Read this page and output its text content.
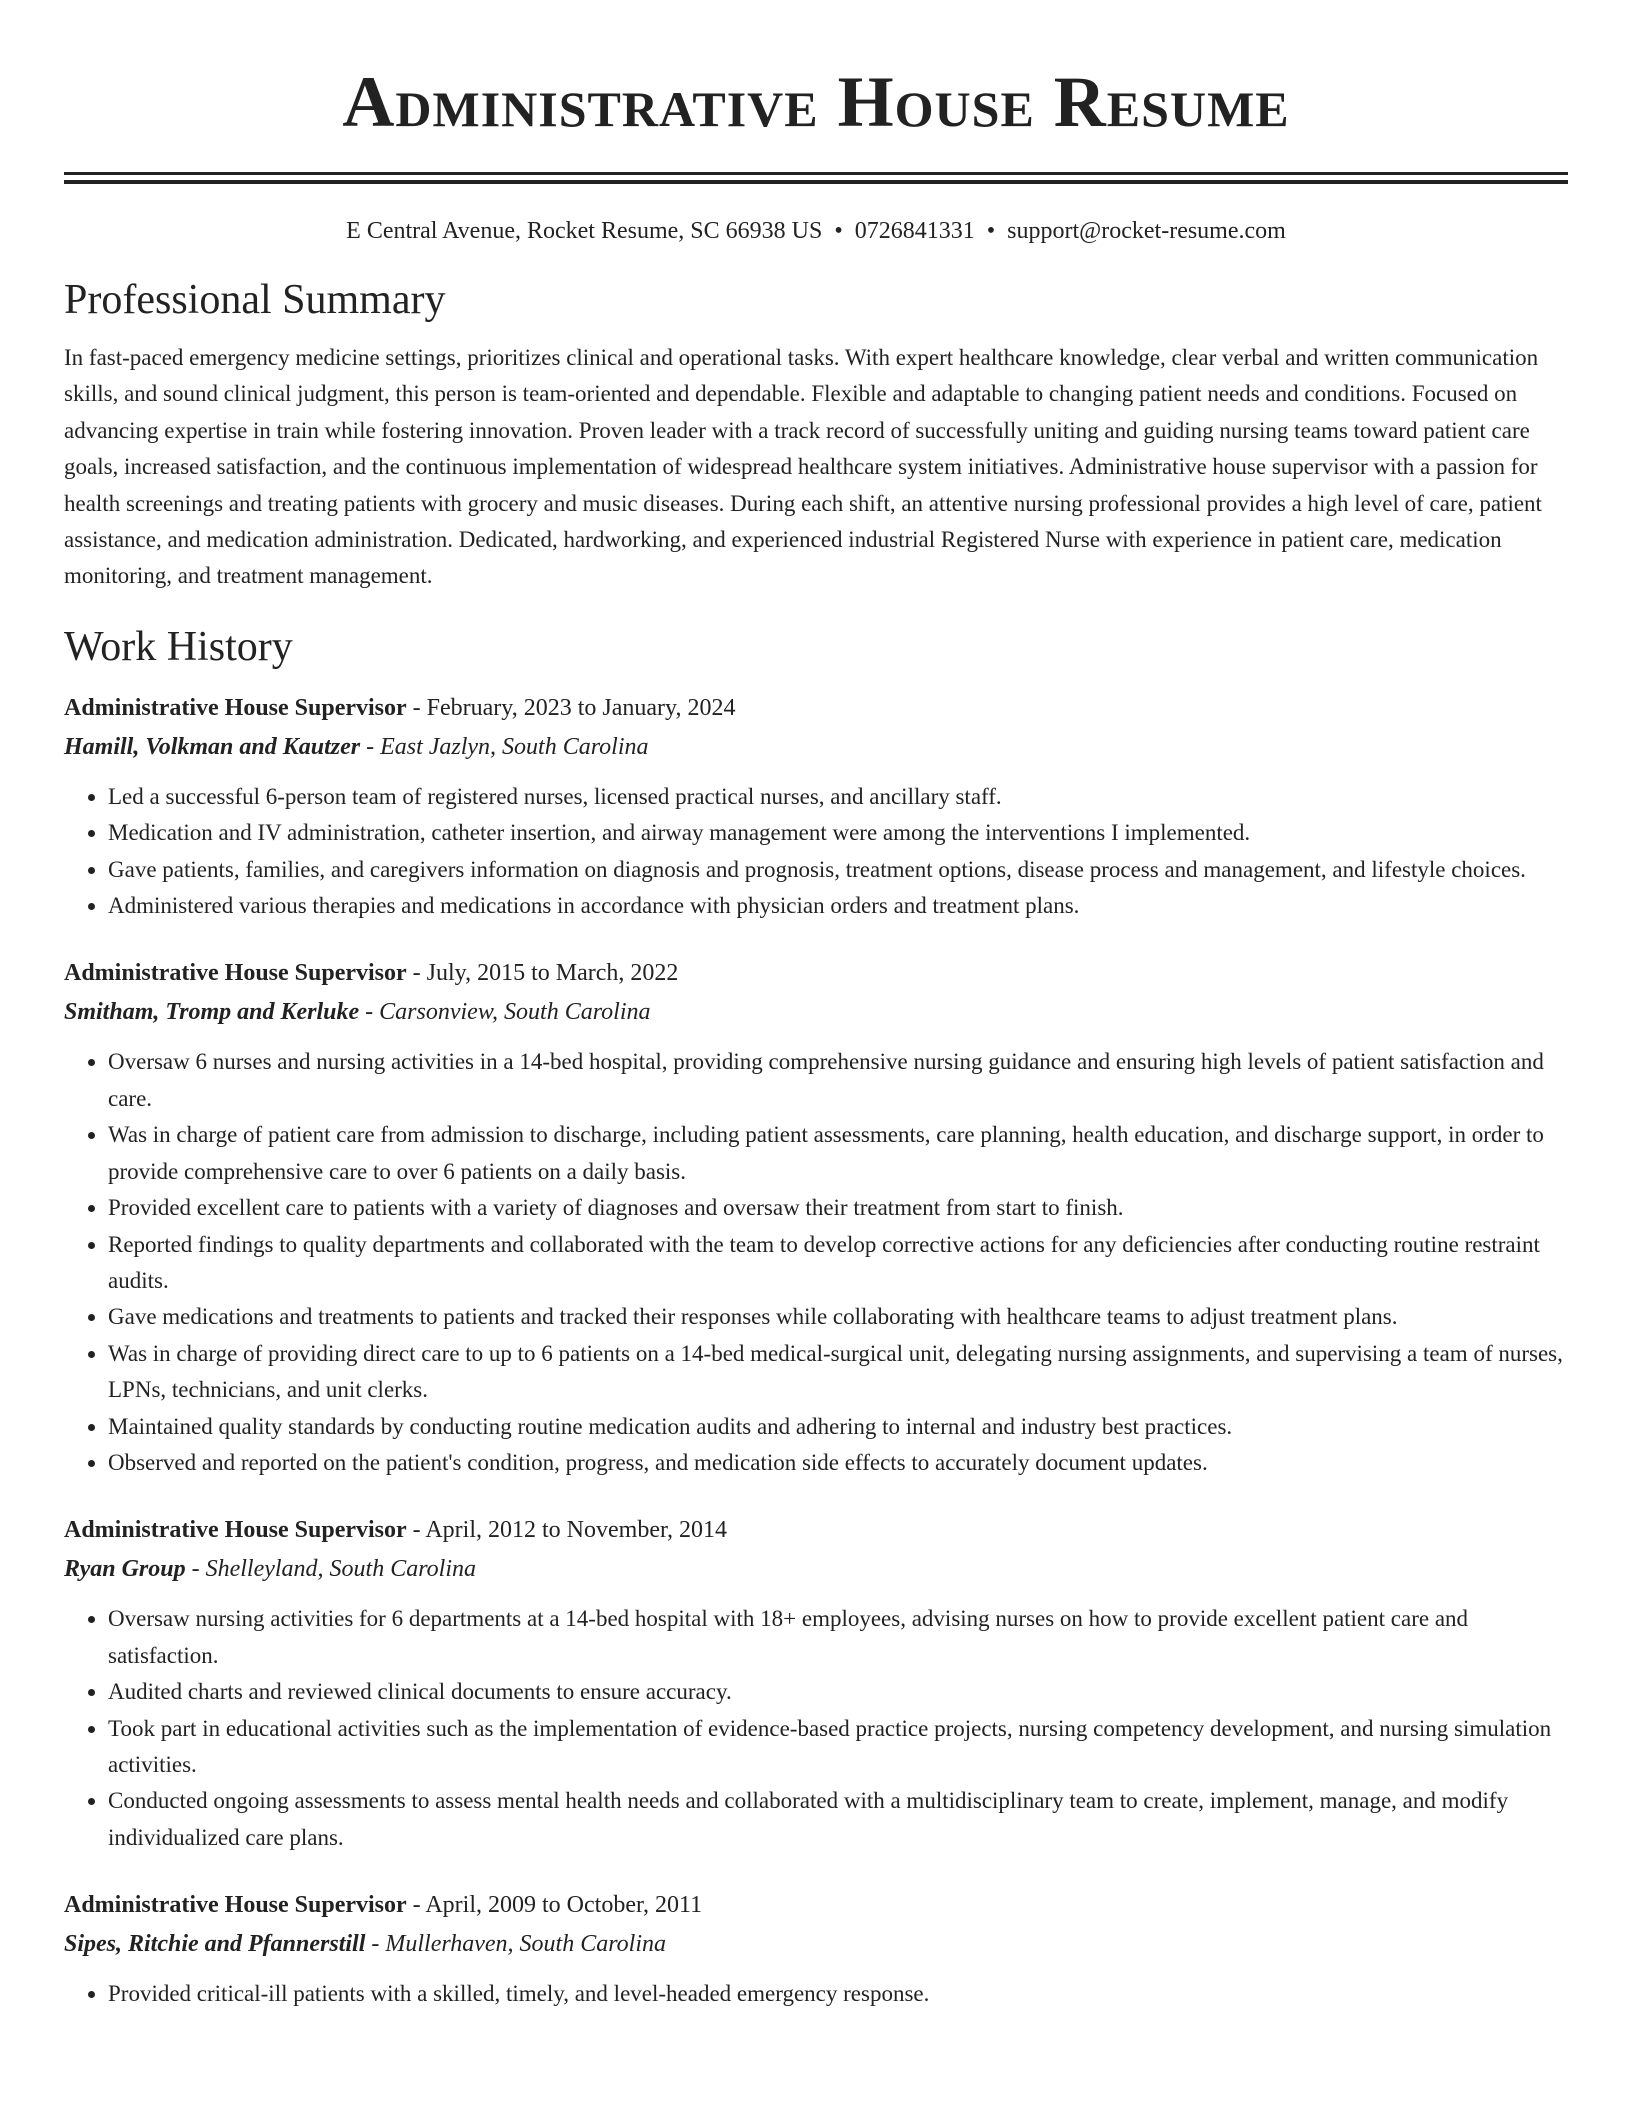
Administrative House Resume
E Central Avenue, Rocket Resume, SC 66938 US • 0726841331 • support@rocket-resume.com
Professional Summary
In fast-paced emergency medicine settings, prioritizes clinical and operational tasks. With expert healthcare knowledge, clear verbal and written communication skills, and sound clinical judgment, this person is team-oriented and dependable. Flexible and adaptable to changing patient needs and conditions. Focused on advancing expertise in train while fostering innovation. Proven leader with a track record of successfully uniting and guiding nursing teams toward patient care goals, increased satisfaction, and the continuous implementation of widespread healthcare system initiatives. Administrative house supervisor with a passion for health screenings and treating patients with grocery and music diseases. During each shift, an attentive nursing professional provides a high level of care, patient assistance, and medication administration. Dedicated, hardworking, and experienced industrial Registered Nurse with experience in patient care, medication monitoring, and treatment management.
Work History
Administrative House Supervisor - February, 2023 to January, 2024
Hamill, Volkman and Kautzer - East Jazlyn, South Carolina
• Led a successful 6-person team of registered nurses, licensed practical nurses, and ancillary staff.
• Medication and IV administration, catheter insertion, and airway management were among the interventions I implemented.
• Gave patients, families, and caregivers information on diagnosis and prognosis, treatment options, disease process and management, and lifestyle choices.
• Administered various therapies and medications in accordance with physician orders and treatment plans.
Administrative House Supervisor - July, 2015 to March, 2022
Smitham, Tromp and Kerluke - Carsonview, South Carolina
• Oversaw 6 nurses and nursing activities in a 14-bed hospital, providing comprehensive nursing guidance and ensuring high levels of patient satisfaction and care.
• Was in charge of patient care from admission to discharge, including patient assessments, care planning, health education, and discharge support, in order to provide comprehensive care to over 6 patients on a daily basis.
• Provided excellent care to patients with a variety of diagnoses and oversaw their treatment from start to finish.
• Reported findings to quality departments and collaborated with the team to develop corrective actions for any deficiencies after conducting routine restraint audits.
• Gave medications and treatments to patients and tracked their responses while collaborating with healthcare teams to adjust treatment plans.
• Was in charge of providing direct care to up to 6 patients on a 14-bed medical-surgical unit, delegating nursing assignments, and supervising a team of nurses, LPNs, technicians, and unit clerks.
• Maintained quality standards by conducting routine medication audits and adhering to internal and industry best practices.
• Observed and reported on the patient's condition, progress, and medication side effects to accurately document updates.
Administrative House Supervisor - April, 2012 to November, 2014
Ryan Group - Shelleyland, South Carolina
• Oversaw nursing activities for 6 departments at a 14-bed hospital with 18+ employees, advising nurses on how to provide excellent patient care and satisfaction.
• Audited charts and reviewed clinical documents to ensure accuracy.
• Took part in educational activities such as the implementation of evidence-based practice projects, nursing competency development, and nursing simulation activities.
• Conducted ongoing assessments to assess mental health needs and collaborated with a multidisciplinary team to create, implement, manage, and modify individualized care plans.
Administrative House Supervisor - April, 2009 to October, 2011
Sipes, Ritchie and Pfannerstill - Mullerhaven, South Carolina
• Provided critical-ill patients with a skilled, timely, and level-headed emergency response.
